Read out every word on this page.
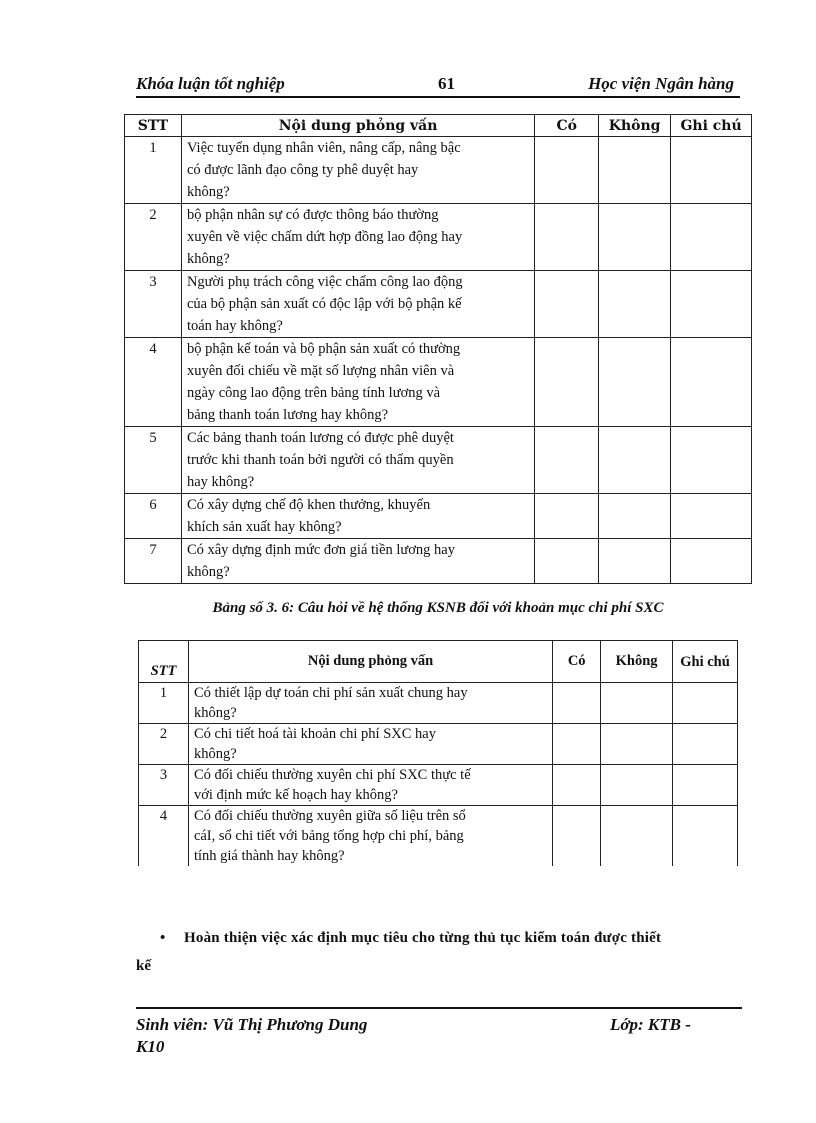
Khóa luận tốt nghiệp	61	Học viện Ngân hàng
STT	Nội dung phỏng vấn	Có	Không	Ghi chú
1	Việc tuyển dụng nhân viên, nâng cấp, nâng bậc
có được lãnh đạo công ty phê duyệt hay
không?			

2	bộ phận nhân sự có được thông báo thường
xuyên về việc chấm dứt hợp đồng lao động hay
không?			

3	Người phụ trách công việc chấm công lao động
của bộ phận sản xuất có độc lập với bộ phận kế
toán hay không?			

4	bộ phận kế toán và bộ phận sản xuất có thường
xuyên đối chiếu về mặt số lượng nhân viên và
ngày công lao động trên bảng tính lương và
bảng thanh toán lương hay không?			

5	Các bảng thanh toán lương có được phê duyệt
trước khi thanh toán bởi người có thẩm quyền
hay không?			

6	Có xây dựng chế độ khen thưởng, khuyến
khích sản xuất hay không?			

7	Có xây dựng định mức đơn giá tiền lương hay
không?			

Bảng số 3. 6: Câu hỏi về hệ thống KSNB đối với khoản mục chi phí SXC
STT	Nội dung phỏng vấn	Có	Không	Ghi chú
1	Có thiết lập dự toán chi phí sản xuất chung hay
không?			

2	Có chi tiết hoá tài khoản chi phí SXC hay
không?			

3	Có đối chiếu thường xuyên chi phí SXC thực tế
với định mức kế hoạch hay không?			

4	Có đối chiếu thường xuyên giữa số liệu trên sổ
cáI, sổ chi tiết với bảng tổng hợp chi phí, bảng
tính giá thành hay không?			

• Hoàn thiện việc xác định mục tiêu cho từng thủ tục kiểm toán được thiết
kế
Sinh viên: Vũ Thị Phương Dung	Lớp: KTB -
K10
